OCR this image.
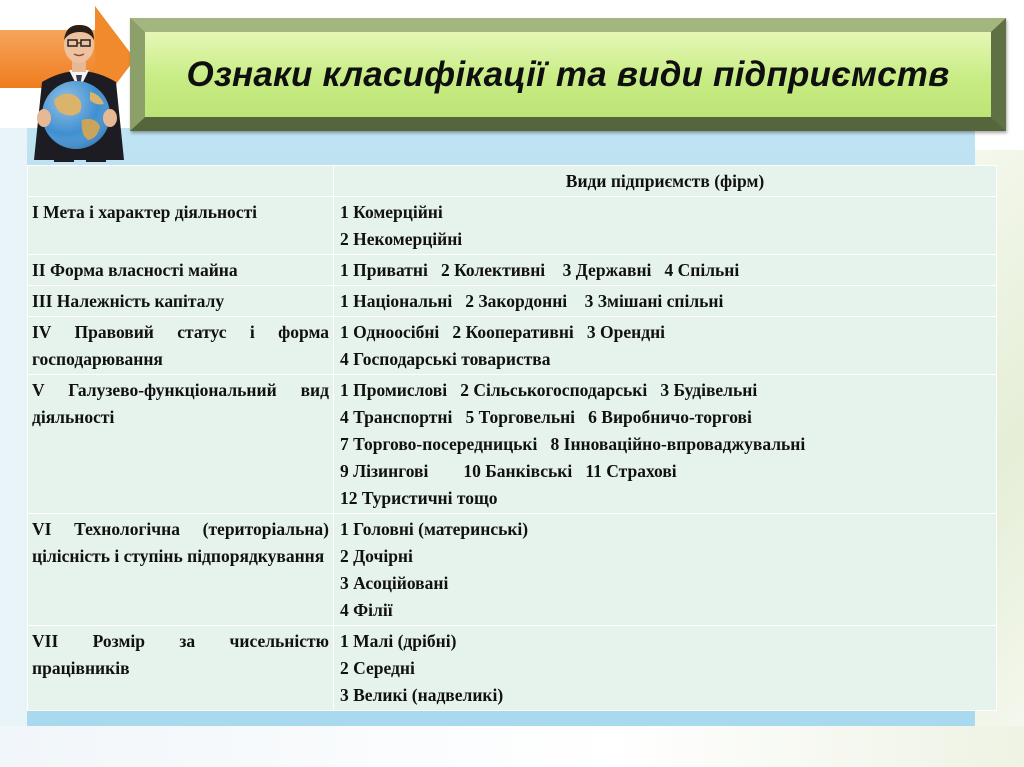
Ознаки класифікації та види підприємств
	Види підприємств (фірм)
І Мета і характер діяльності	1 Комерційні
2 Некомерційні

ІІ Форма власності майна	1 Приватні   2 Колективні    3 Державні   4 Спільні

ІІІ Належність капіталу	1 Національні   2 Закордонні    3 Змішані спільні

IV Правовий статус і форма господарювання	1 Одноосібні   2 Кооперативні   3 Орендні
4 Господарські товариства

V Галузево-функціональний вид діяльності	1 Промислові   2 Сільськогосподарські   3 Будівельні
4 Транспортні   5 Торговельні   6 Виробничо-торгові
7 Торгово-посередницькі   8 Інноваційно-впроваджувальні
9 Лізингові        10 Банківські   11 Страхові
12 Туристичні тощо

VI Технологічна (територіальна) цілісність і ступінь підпорядкування	1 Головні (материнські)
2 Дочірні
3 Асоційовані
4 Філії

VII Розмір за чисельністю працівників	1 Малі (дрібні)
2 Середні
3 Великі (надвеликі)
